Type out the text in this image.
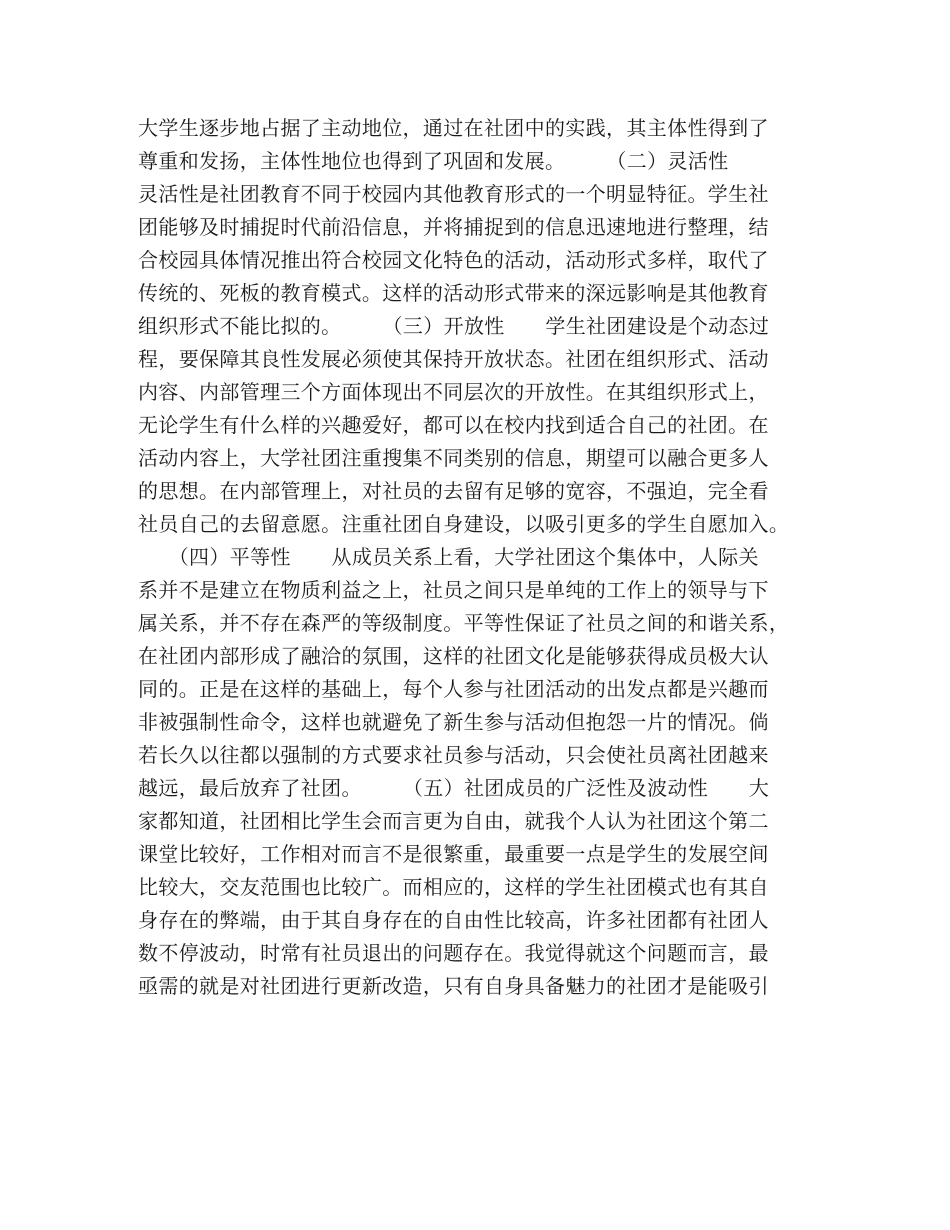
大学生逐步地占据了主动地位，通过在社团中的实践，其主体性得到了
尊重和发扬，主体性地位也得到了巩固和发展。　　　（二）灵活性
灵活性是社团教育不同于校园内其他教育形式的一个明显特征。学生社
团能够及时捕捉时代前沿信息，并将捕捉到的信息迅速地进行整理，结
合校园具体情况推出符合校园文化特色的活动，活动形式多样，取代了
传统的、死板的教育模式。这样的活动形式带来的深远影响是其他教育
组织形式不能比拟的。　　　（三）开放性　　学生社团建设是个动态过
程，要保障其良性发展必须使其保持开放状态。社团在组织形式、活动
内容、内部管理三个方面体现出不同层次的开放性。在其组织形式上，
无论学生有什么样的兴趣爱好，都可以在校内找到适合自己的社团。在
活动内容上，大学社团注重搜集不同类别的信息，期望可以融合更多人
的思想。在内部管理上，对社员的去留有足够的宽容，不强迫，完全看
社员自己的去留意愿。注重社团自身建设，以吸引更多的学生自愿加入。
　　（四）平等性　　从成员关系上看，大学社团这个集体中，人际关
系并不是建立在物质利益之上，社员之间只是单纯的工作上的领导与下
属关系，并不存在森严的等级制度。平等性保证了社员之间的和谐关系，
在社团内部形成了融洽的氛围，这样的社团文化是能够获得成员极大认
同的。正是在这样的基础上，每个人参与社团活动的出发点都是兴趣而
非被强制性命令，这样也就避免了新生参与活动但抱怨一片的情况。倘
若长久以往都以强制的方式要求社员参与活动，只会使社员离社团越来
越远，最后放弃了社团。　　　（五）社团成员的广泛性及波动性　　大
家都知道，社团相比学生会而言更为自由，就我个人认为社团这个第二
课堂比较好，工作相对而言不是很繁重，最重要一点是学生的发展空间
比较大，交友范围也比较广。而相应的，这样的学生社团模式也有其自
身存在的弊端，由于其自身存在的自由性比较高，许多社团都有社团人
数不停波动，时常有社员退出的问题存在。我觉得就这个问题而言，最
亟需的就是对社团进行更新改造，只有自身具备魅力的社团才是能吸引
